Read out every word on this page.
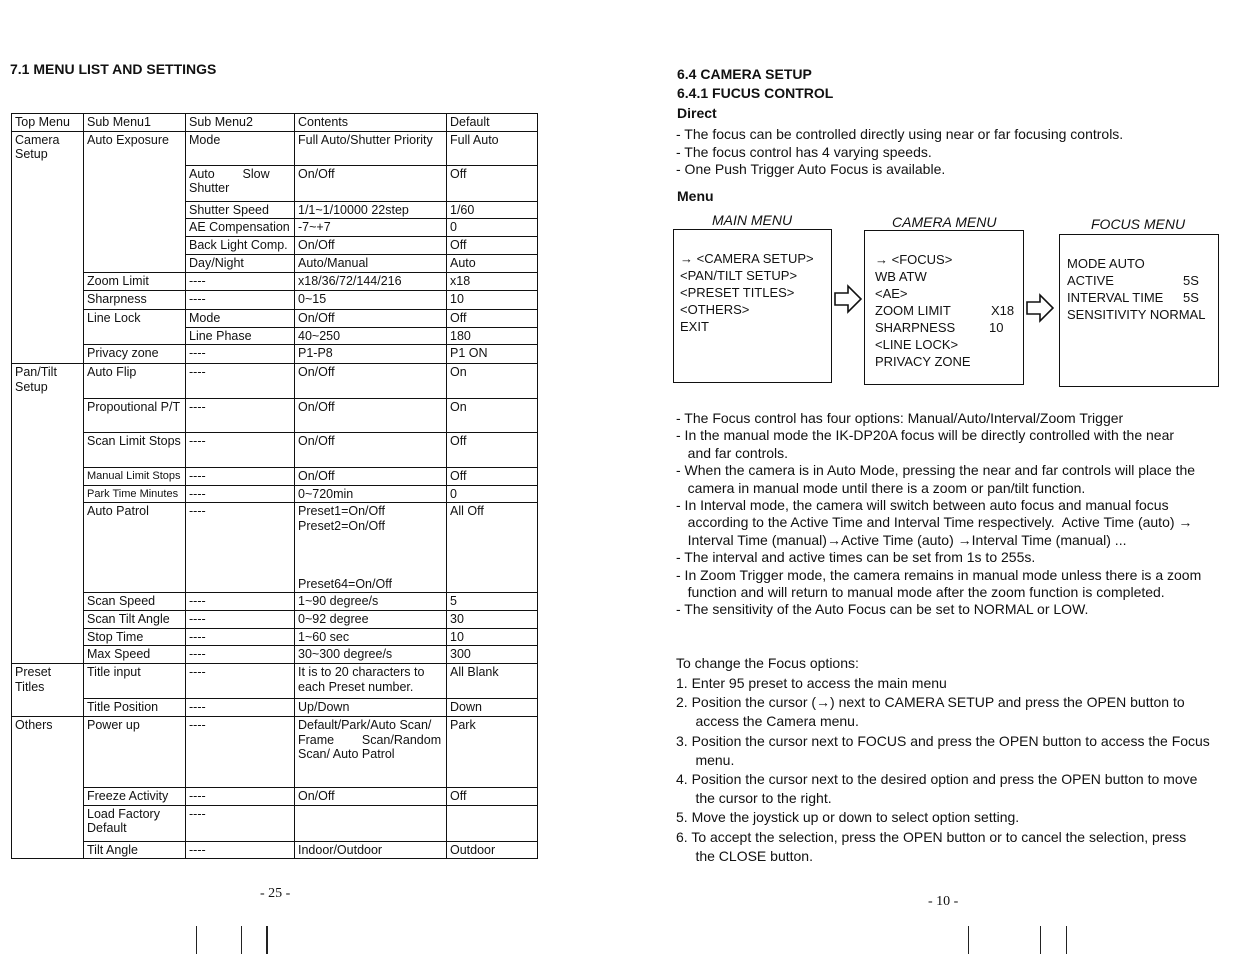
7.1 MENU LIST AND SETTINGS
Top Menu	Sub Menu1	Sub Menu2	Contents	Default
Camera Setup	Auto Exposure	Mode	Full Auto/Shutter Priority	Full Auto
		Auto        Slow Shutter	On/Off	Off
		Shutter Speed	1/1~1/10000 22step	1/60
		AE Compensation	-7~+7	0
		Back Light Comp.	On/Off	Off
		Day/Night	Auto/Manual	Auto
	Zoom Limit	----	x18/36/72/144/216	x18
	Sharpness	----	0~15	10
	Line Lock	Mode	On/Off	Off
		Line Phase	40~250	180
	Privacy zone	----	P1-P8	P1 ON
Pan/Tilt Setup	Auto Flip	----	On/Off	On
	Propoutional P/T	----	On/Off	On
	Scan Limit Stops	----	On/Off	Off
	Manual Limit Stops	----	On/Off	Off
	Park Time Minutes	----	0~720min	0
	Auto Patrol	----	Preset1=On/Off
Preset2=On/Off

Preset64=On/Off	All Off
	Scan Speed	----	1~90 degree/s	5
	Scan Tilt Angle	----	0~92 degree	30
	Stop Time	----	1~60 sec	10
	Max Speed	----	30~300 degree/s	300
Preset Titles	Title input	----	It is to 20 characters to each Preset number.	All Blank
	Title Position	----	Up/Down	Down
Others	Power up	----	Default/Park/Auto Scan/ Frame        Scan/Random Scan/ Auto Patrol	Park
	Freeze Activity	----	On/Off	Off
	Load Factory Default	----		
	Tilt Angle	----	Indoor/Outdoor	Outdoor
- 25 -
6.4 CAMERA SETUP
6.4.1 FUCUS CONTROL
Direct
- The focus can be controlled directly using near or far focusing controls.
- The focus control has 4 varying speeds.
- One Push Trigger Auto Focus is available.
Menu
MAIN MENU	CAMERA MENU	FOCUS MENU
→ <CAMERA SETUP>
<PAN/TILT SETUP>
<PRESET TITLES>
<OTHERS>
EXIT
→ <FOCUS>
WB ATW
<AE>
ZOOM LIMIT	X18
SHARPNESS	10
<LINE LOCK>
PRIVACY ZONE
MODE AUTO
ACTIVE	5S
INTERVAL TIME 5S
SENSITIVITY NORMAL
- The Focus control has four options: Manual/Auto/Interval/Zoom Trigger
- In the manual mode the IK-DP20A focus will be directly controlled with the near
and far controls.
- When the camera is in Auto Mode, pressing the near and far controls will place the
camera in manual mode until there is a zoom or pan/tilt function.
- In Interval mode, the camera will switch between auto focus and manual focus
according to the Active Time and Interval Time respectively.  Active Time (auto) →
Interval Time (manual)→Active Time (auto) →Interval Time (manual) ...
- The interval and active times can be set from 1s to 255s.
- In Zoom Trigger mode, the camera remains in manual mode unless there is a zoom
function and will return to manual mode after the zoom function is completed.
- The sensitivity of the Auto Focus can be set to NORMAL or LOW.
To change the Focus options:
1. Enter 95 preset to access the main menu
2. Position the cursor (→) next to CAMERA SETUP and press the OPEN button to
access the Camera menu.
3. Position the cursor next to FOCUS and press the OPEN button to access the Focus
menu.
4. Position the cursor next to the desired option and press the OPEN button to move
the cursor to the right.
5. Move the joystick up or down to select option setting.
6. To accept the selection, press the OPEN button or to cancel the selection, press
the CLOSE button.
- 10 -
